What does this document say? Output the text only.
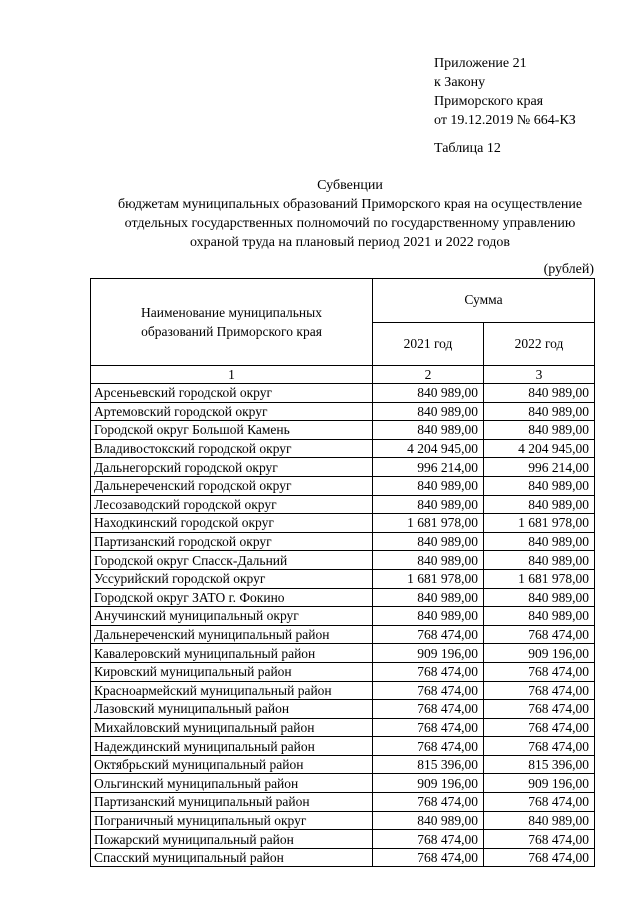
Приложение 21
к Закону
Приморского края
от 19.12.2019 № 664-КЗ
Таблица 12
Субвенции
бюджетам муниципальных образований Приморского края на осуществление
отдельных государственных полномочий по государственному управлению
охраной труда на плановый период 2021 и 2022 годов
(рублей)
Наименование муниципальных
образований Приморского края	Сумма	
	2021 год	2022 год
1	2	3
Арсеньевский городской округ	840 989,00	840 989,00
Артемовский городской округ	840 989,00	840 989,00
Городской округ Большой Камень	840 989,00	840 989,00
Владивостокский городской округ	4 204 945,00	4 204 945,00
Дальнегорский городской округ	996 214,00	996 214,00
Дальнереченский городской округ	840 989,00	840 989,00
Лесозаводский городской округ	840 989,00	840 989,00
Находкинский городской округ	1 681 978,00	1 681 978,00
Партизанский городской округ	840 989,00	840 989,00
Городской округ Спасск-Дальний	840 989,00	840 989,00
Уссурийский городской округ	1 681 978,00	1 681 978,00
Городской округ ЗАТО г. Фокино	840 989,00	840 989,00
Анучинский муниципальный округ	840 989,00	840 989,00
Дальнереченский муниципальный район	768 474,00	768 474,00
Кавалеровский муниципальный район	909 196,00	909 196,00
Кировский муниципальный район	768 474,00	768 474,00
Красноармейский муниципальный район	768 474,00	768 474,00
Лазовский муниципальный район	768 474,00	768 474,00
Михайловский муниципальный район	768 474,00	768 474,00
Надеждинский муниципальный район	768 474,00	768 474,00
Октябрьский муниципальный район	815 396,00	815 396,00
Ольгинский муниципальный район	909 196,00	909 196,00
Партизанский муниципальный район	768 474,00	768 474,00
Пограничный муниципальный округ	840 989,00	840 989,00
Пожарский муниципальный район	768 474,00	768 474,00
Спасский муниципальный район	768 474,00	768 474,00
